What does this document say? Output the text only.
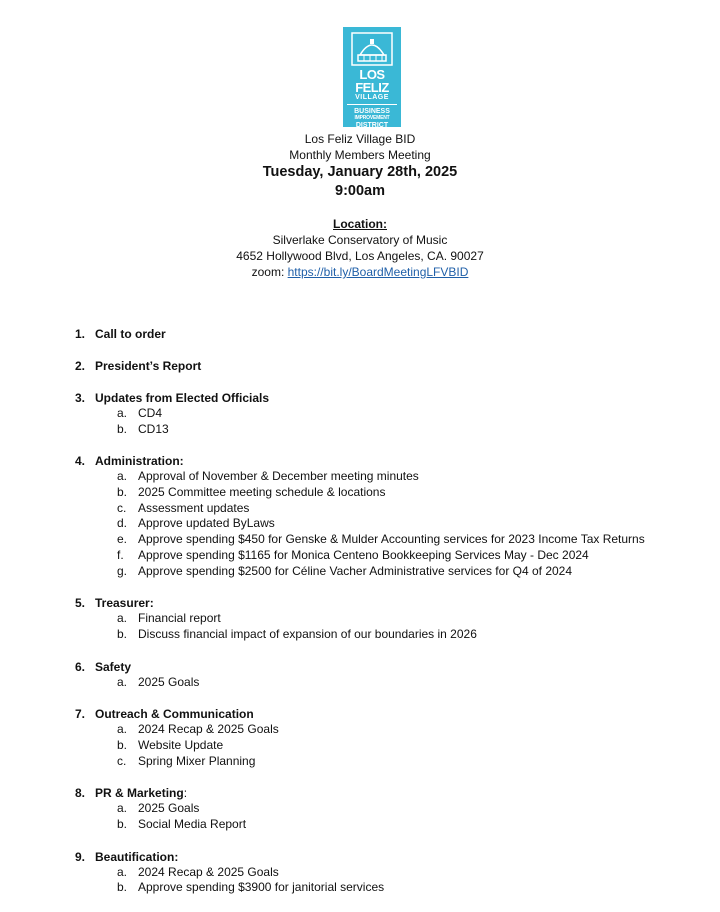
LOS FELIZ
VILLAGE
BUSINESS
IMPROVEMENT
DISTRICT
Los Feliz Village BID
Monthly Members Meeting
Tuesday, January 28th, 2025
9:00am
Location:
Silverlake Conservatory of Music
4652 Hollywood Blvd, Los Angeles, CA. 90027
zoom: https://bit.ly/BoardMeetingLFVBID
1. Call to order
2. President’s Report
3. Updates from Elected Officials
a. CD4
b. CD13
4. Administration:
a. Approval of November & December meeting minutes
b. 2025 Committee meeting schedule & locations
c. Assessment updates
d. Approve updated ByLaws
e. Approve spending $450 for Genske & Mulder Accounting services for 2023 Income Tax Returns
f. Approve spending $1165 for Monica Centeno Bookkeeping Services May - Dec 2024
g. Approve spending $2500 for Céline Vacher Administrative services for Q4 of 2024
5. Treasurer:
a. Financial report
b. Discuss financial impact of expansion of our boundaries in 2026
6. Safety
a. 2025 Goals
7. Outreach & Communication
a. 2024 Recap & 2025 Goals
b. Website Update
c. Spring Mixer Planning
8. PR & Marketing:
a. 2025 Goals
b. Social Media Report
9. Beautification:
a. 2024 Recap & 2025 Goals
b. Approve spending $3900 for janitorial services
